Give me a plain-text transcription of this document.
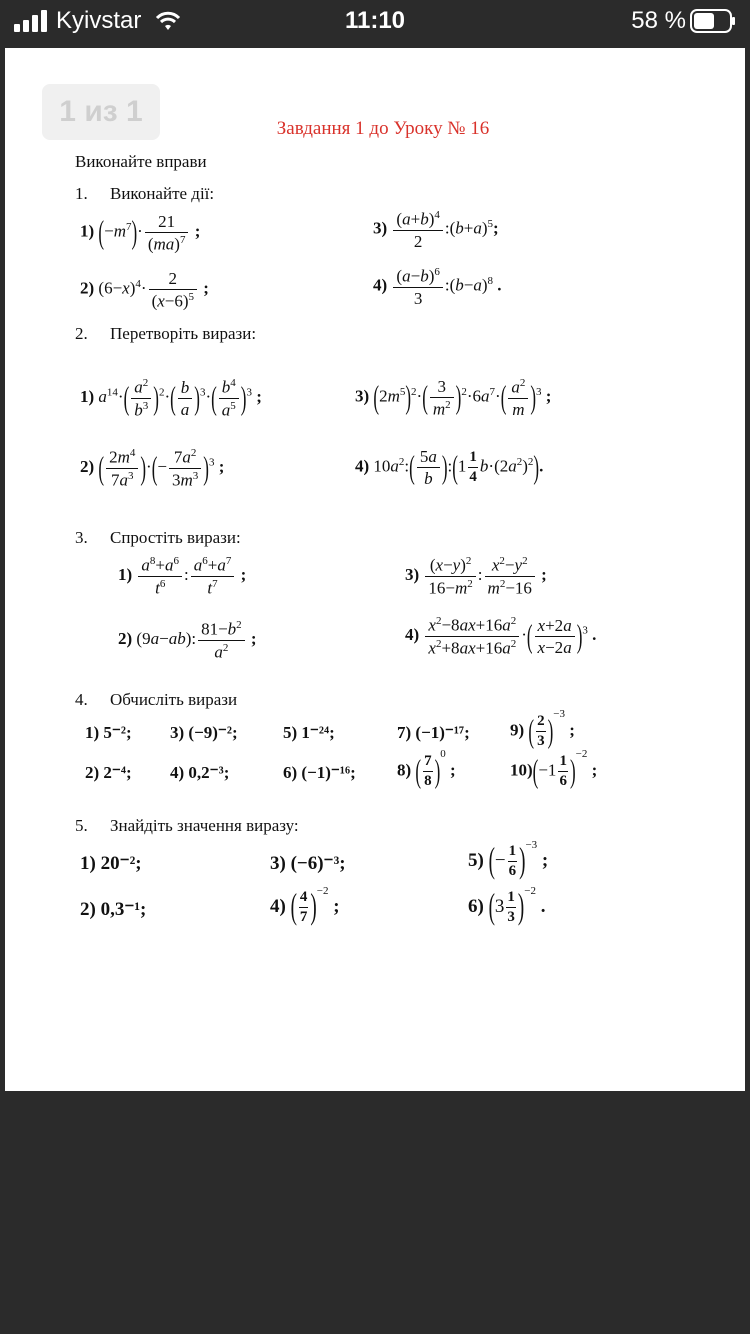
Kyivstar	11:10	58 %
Завдання 1 до Уроку № 16
Виконайте вправи
1. Виконайте дії:
1) $(-m^7)\cdot \frac{21}{(ma)^7}$ ;	$3) \frac{(a+b)^4}{2}$ $:(b+a)^5$;
2) $(6-x)^4\cdot \frac{2}{(x-6)^5}$ ;	$4) \frac{(a-b)^6}{3}$ $:(b-a)^8$ .
2. Перетворіть вирази:
1) $a^{14}\cdot( \frac{a^2}{b^3} )^2\cdot( \frac{b}{a} )^3\cdot( \frac{b^4}{a^5} )^3$ ;	3) $(2m^5)^2\cdot( \frac{3}{m^2} )^2\cdot 6a^7\cdot( \frac{a^2}{m} )^3$ ;
2) ( $\frac{2m^4}{7a^3}$ )·(− $\frac{7a^2}{3m^3} )^3$ ;	4) $10a^2:( \frac{5a}{b}$ ):(1 $\frac{1}{4} b\cdot(2a^2)^2$).
3. Спростіть вирази:
$1) \frac{a^8+a^6}{t^6}$ : $\frac{a^6+a^7}{t^7}$ ;	$3) \frac{(x-y)^2}{16-m^2}$ : $\frac{x^2-y^2}{m^2-16}$ ;
2) (9a−ab): $\frac{81-b^2}{a^2}$ ;	$4) \frac{x^2-8ax+16a^2}{x^2+8ax+16a^2}$ ·( $\frac{x+2a}{x-2a} )^3$ .
4. Обчисліть вирази
1) 5⁻²; 3) (−9)⁻²;	5) 1⁻²⁴;	7) (−1)⁻¹⁷; 9) ( $\frac{2}{3} )^{-3}$ ;
2) 2⁻⁴; 4) 0,2⁻³;	6) (−1)⁻¹⁶; 8) ( $\frac{7}{8} )^0$ ;	$10)(-1 \frac{1}{6} )^{-2}$ ;
5. Знайдіть значення виразу:
1) 20⁻²;	3) (−6)⁻³;	5) (− $\frac{1}{6} )^{-3}$ ;
2) 0,3⁻¹;	4) ( $\frac{4}{7} )^{-2}$ ;	6) $(3 \frac{1}{3} )^{-2}$ .
1 из 1
